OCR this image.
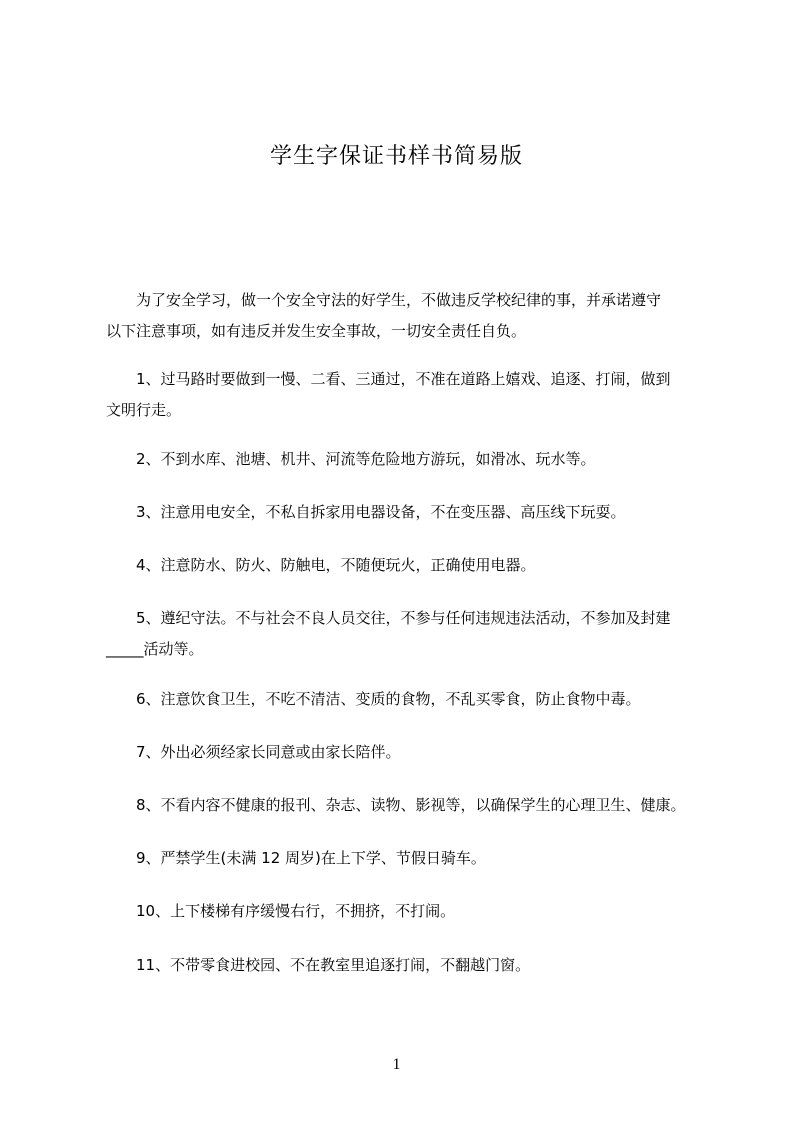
学生字保证书样书简易版

　　为了安全学习，做一个安全守法的好学生，不做违反学校纪律的事，并承诺遵守
以下注意事项，如有违反并发生安全事故，一切安全责任自负。

　　1、过马路时要做到一慢、二看、三通过，不准在道路上嬉戏、追逐、打闹，做到
文明行走。

　　2、不到水库、池塘、机井、河流等危险地方游玩，如滑冰、玩水等。

　　3、注意用电安全，不私自拆家用电器设备，不在变压器、高压线下玩耍。

　　4、注意防水、防火、防触电，不随便玩火，正确使用电器。

　　5、遵纪守法。不与社会不良人员交往，不参与任何违规违法活动，不参加及封建
_____活动等。

　　6、注意饮食卫生，不吃不清洁、变质的食物，不乱买零食，防止食物中毒。

　　7、外出必须经家长同意或由家长陪伴。

　　8、不看内容不健康的报刊、杂志、读物、影视等，以确保学生的心理卫生、健康。

　　9、严禁学生(未满 12 周岁)在上下学、节假日骑车。

　　10、上下楼梯有序缓慢右行，不拥挤，不打闹。

　　11、不带零食进校园、不在教室里追逐打闹，不翻越门窗。

1
